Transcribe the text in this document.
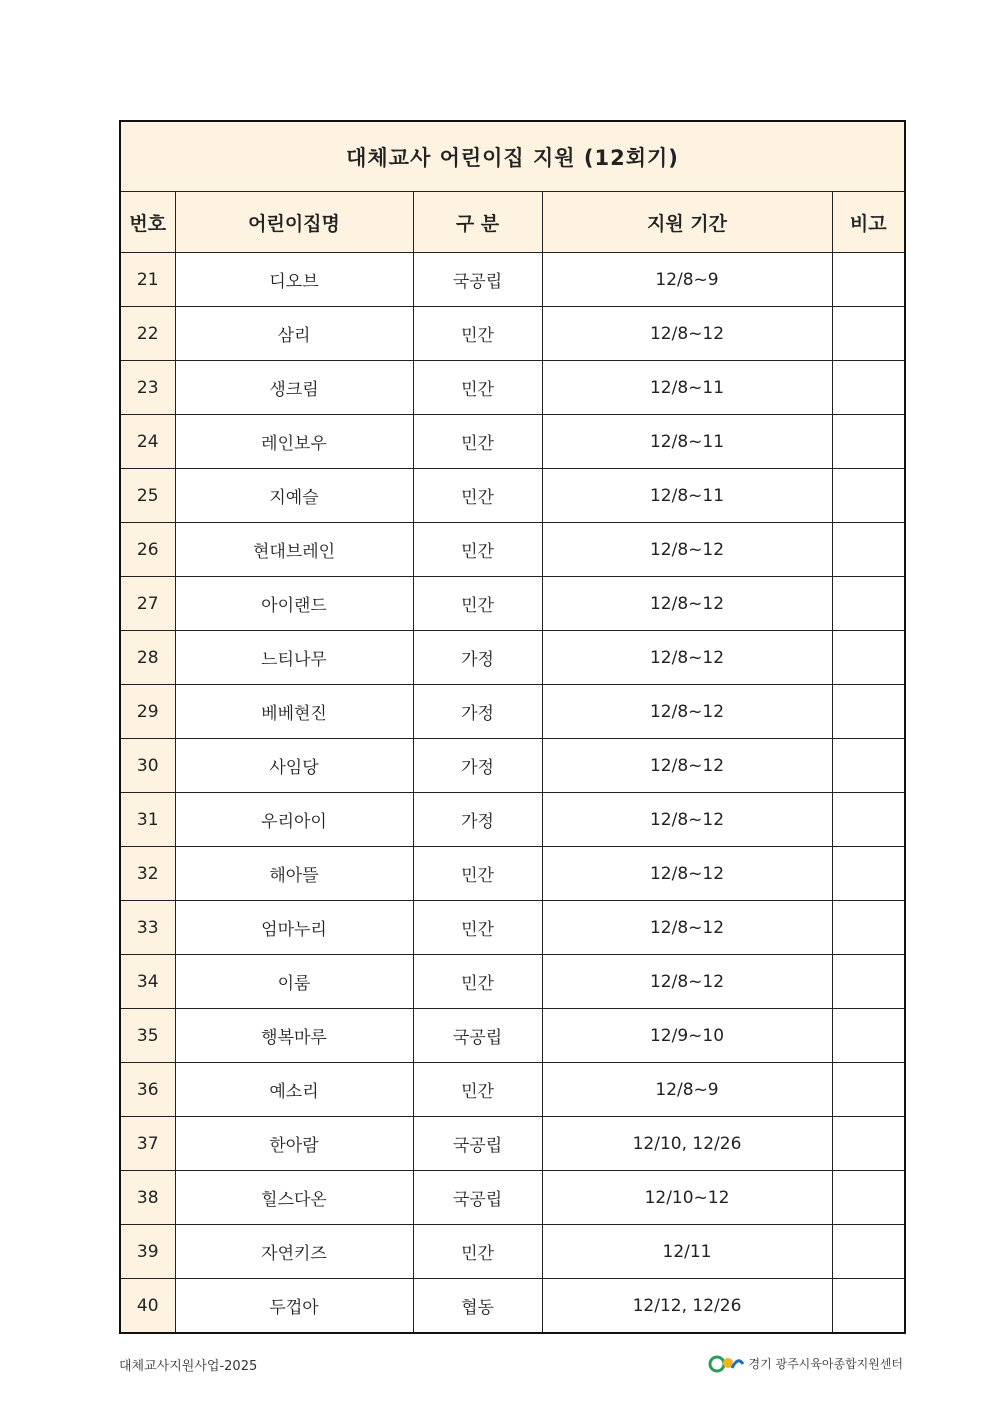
대체교사 어린이집 지원 (12회기)				
번호	어린이집명	구 분	지원 기간	비고
21	디오브	국공립	12/8~9	
22	삼리	민간	12/8~12	
23	생크림	민간	12/8~11	
24	레인보우	민간	12/8~11	
25	지예슬	민간	12/8~11	
26	현대브레인	민간	12/8~12	
27	아이랜드	민간	12/8~12	
28	느티나무	가정	12/8~12	
29	베베현진	가정	12/8~12	
30	사임당	가정	12/8~12	
31	우리아이	가정	12/8~12	
32	해아뜰	민간	12/8~12	
33	엄마누리	민간	12/8~12	
34	이룸	민간	12/8~12	
35	행복마루	국공립	12/9~10	
36	예소리	민간	12/8~9	
37	한아람	국공립	12/10, 12/26	
38	힐스다온	국공립	12/10~12	
39	자연키즈	민간	12/11	
40	두껍아	협동	12/12, 12/26	
대체교사지원사업-2025	경기 광주시육아종합지원센터
